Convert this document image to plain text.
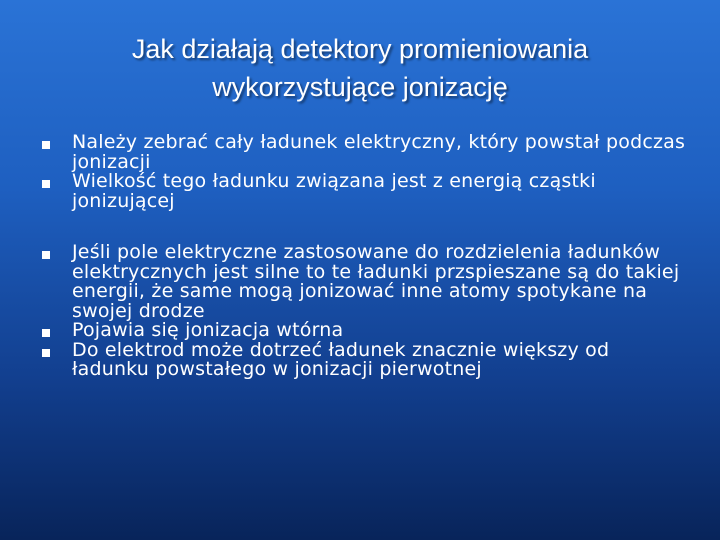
Jak działają detektory promieniowania
wykorzystujące jonizację
Należy zebrać cały ładunek elektryczny, który powstał podczas jonizacji
Wielkość tego ładunku związana jest z energią cząstki jonizującej
Jeśli pole elektryczne zastosowane do rozdzielenia ładunków elektrycznych jest silne to te ładunki przspieszane są do takiej energii, że same mogą jonizować inne atomy spotykane na swojej drodze
Pojawia się jonizacja wtórna
Do elektrod może dotrzeć ładunek znacznie większy od ładunku powstałego w jonizacji pierwotnej
